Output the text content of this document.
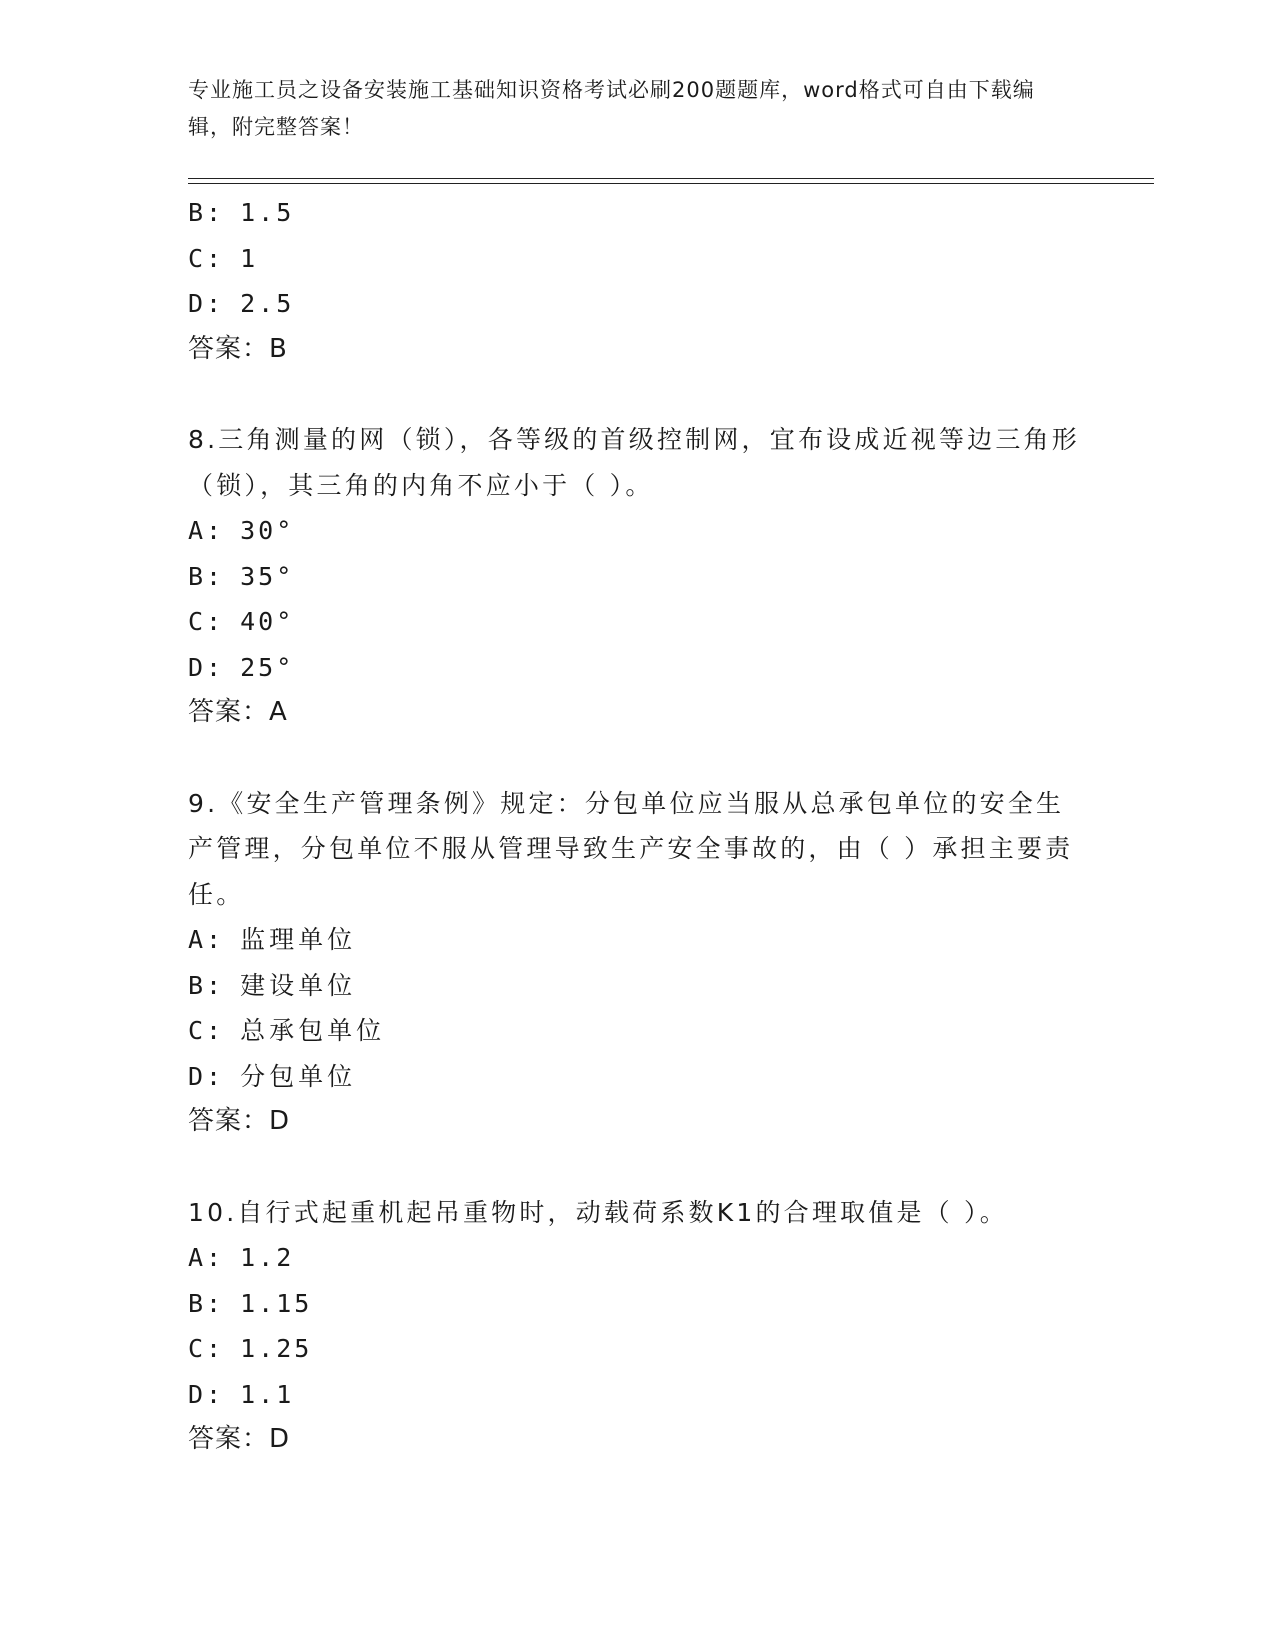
专业施工员之设备安装施工基础知识资格考试必刷200题题库，word格式可自由下载编辑，附完整答案！
B: 1.5
C: 1
D: 2.5
答案：B
8.三角测量的网（锁），各等级的首级控制网，宜布设成近视等边三角形（锁），其三角的内角不应小于（ ）。
A: 30°
B: 35°
C: 40°
D: 25°
答案：A
9.《安全生产管理条例》规定：分包单位应当服从总承包单位的安全生产管理，分包单位不服从管理导致生产安全事故的，由（ ）承担主要责任。
A: 监理单位
B: 建设单位
C: 总承包单位
D: 分包单位
答案：D
10.自行式起重机起吊重物时，动载荷系数K1的合理取值是（ ）。
A: 1.2
B: 1.15
C: 1.25
D: 1.1
答案：D
